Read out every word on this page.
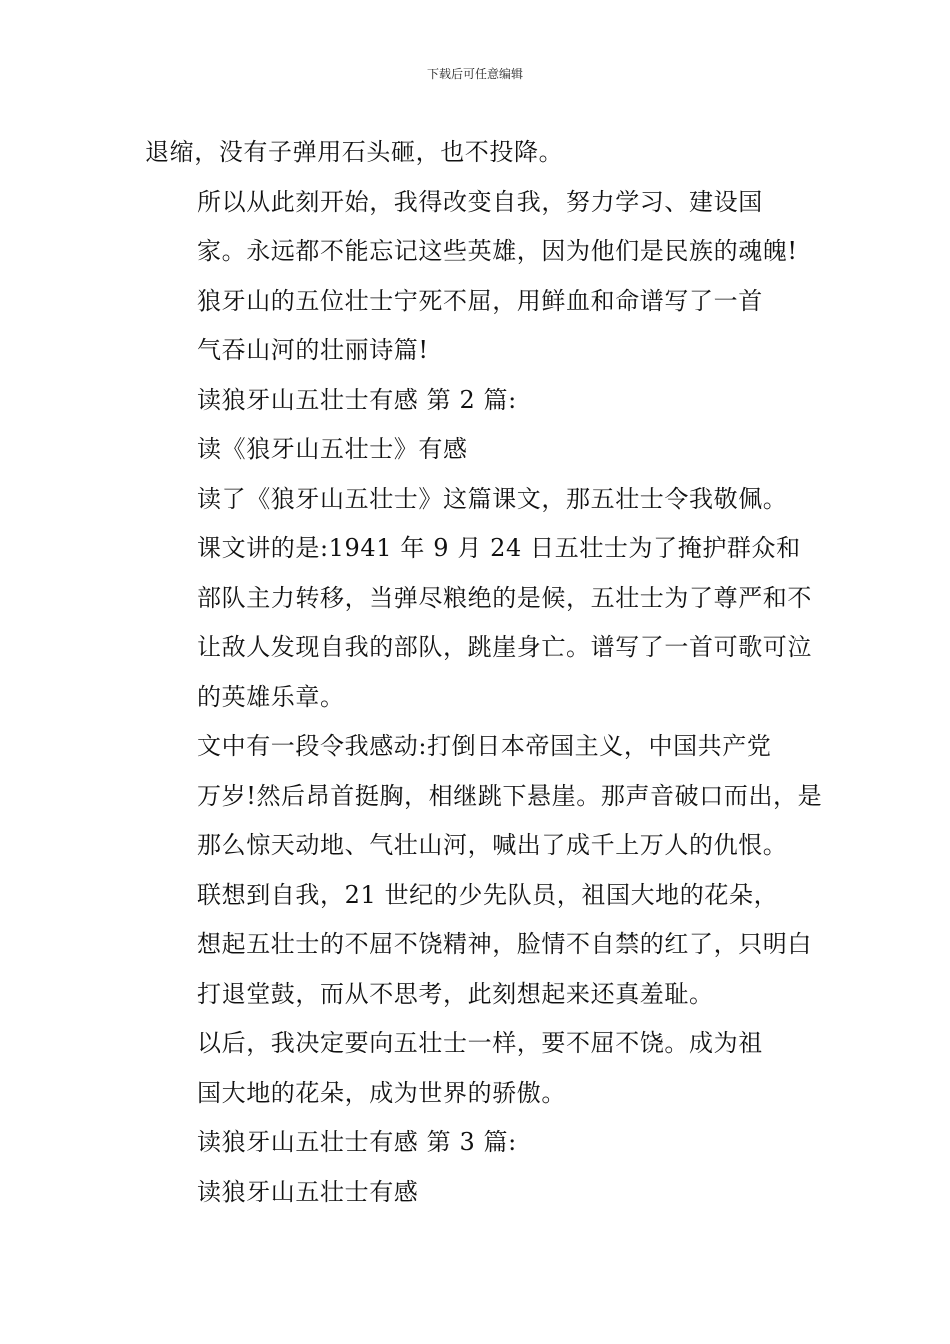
下载后可任意编辑

退缩，没有子弹用石头砸，也不投降。

所以从此刻开始，我得改变自我，努力学习、建设国
家。永远都不能忘记这些英雄，因为他们是民族的魂魄!

狼牙山的五位壮士宁死不屈，用鲜血和命谱写了一首
气吞山河的壮丽诗篇!

读狼牙山五壮士有感 第 2 篇:

读《狼牙山五壮士》有感

读了《狼牙山五壮士》这篇课文，那五壮士令我敬佩。

课文讲的是:1941 年 9 月 24 日五壮士为了掩护群众和
部队主力转移，当弹尽粮绝的是候，五壮士为了尊严和不
让敌人发现自我的部队，跳崖身亡。谱写了一首可歌可泣
的英雄乐章。

文中有一段令我感动:打倒日本帝国主义，中国共产党
万岁!然后昂首挺胸，相继跳下悬崖。那声音破口而出，是
那么惊天动地、气壮山河，喊出了成千上万人的仇恨。

联想到自我，21 世纪的少先队员，祖国大地的花朵，
想起五壮士的不屈不饶精神，脸情不自禁的红了，只明白
打退堂鼓，而从不思考，此刻想起来还真羞耻。

以后，我决定要向五壮士一样，要不屈不饶。成为祖
国大地的花朵，成为世界的骄傲。

读狼牙山五壮士有感 第 3 篇:

读狼牙山五壮士有感
